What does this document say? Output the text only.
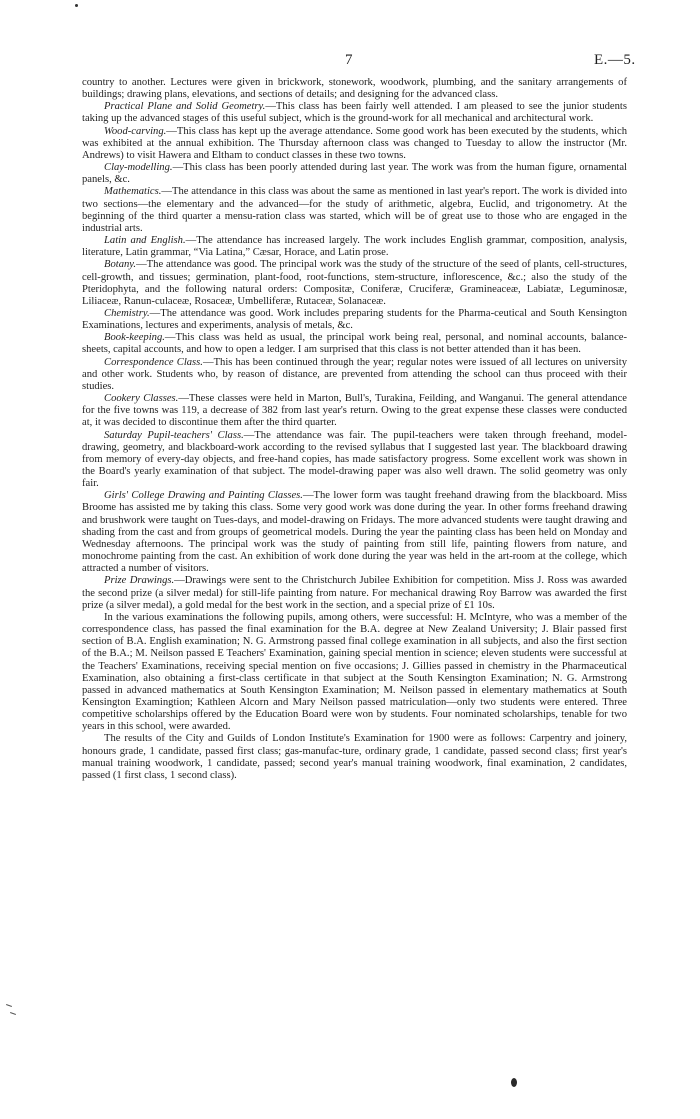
7	E.—5.

country to another. Lectures were given in brickwork, stonework, woodwork, plumbing, and the sanitary arrangements of buildings; drawing plans, elevations, and sections of details; and designing for the advanced class.

Practical Plane and Solid Geometry.—This class has been fairly well attended. I am pleased to see the junior students taking up the advanced stages of this useful subject, which is the ground-work for all mechanical and architectural work.

Wood-carving.—This class has kept up the average attendance. Some good work has been executed by the students, which was exhibited at the annual exhibition. The Thursday afternoon class was changed to Tuesday to allow the instructor (Mr. Andrews) to visit Hawera and Eltham to conduct classes in these two towns.

Clay-modelling.—This class has been poorly attended during last year. The work was from the human figure, ornamental panels, &c.

Mathematics.—The attendance in this class was about the same as mentioned in last year's report. The work is divided into two sections—the elementary and the advanced—for the study of arithmetic, algebra, Euclid, and trigonometry. At the beginning of the third quarter a mensu-ration class was started, which will be of great use to those who are engaged in the industrial arts.

Latin and English.—The attendance has increased largely. The work includes English grammar, composition, analysis, literature, Latin grammar, “Via Latina,” Cæsar, Horace, and Latin prose.

Botany.—The attendance was good. The principal work was the study of the structure of the seed of plants, cell-structures, cell-growth, and tissues; germination, plant-food, root-functions, stem-structure, inflorescence, &c.; also the study of the Pteridophyta, and the following natural orders: Compositæ, Coniferæ, Cruciferæ, Gramineaceæ, Labiatæ, Leguminosæ, Liliaceæ, Ranun-culaceæ, Rosaceæ, Umbelliferæ, Rutaceæ, Solanaceæ.

Chemistry.—The attendance was good. Work includes preparing students for the Pharma-ceutical and South Kensington Examinations, lectures and experiments, analysis of metals, &c.

Book-keeping.—This class was held as usual, the principal work being real, personal, and nominal accounts, balance-sheets, capital accounts, and how to open a ledger. I am surprised that this class is not better attended than it has been.

Correspondence Class.—This has been continued through the year; regular notes were issued of all lectures on university and other work. Students who, by reason of distance, are prevented from attending the school can thus proceed with their studies.

Cookery Classes.—These classes were held in Marton, Bull's, Turakina, Feilding, and Wanganui. The general attendance for the five towns was 119, a decrease of 382 from last year's return. Owing to the great expense these classes were conducted at, it was decided to discontinue them after the third quarter.

Saturday Pupil-teachers' Class.—The attendance was fair. The pupil-teachers were taken through freehand, model-drawing, geometry, and blackboard-work according to the revised syllabus that I suggested last year. The blackboard drawing from memory of every-day objects, and free-hand copies, has made satisfactory progress. Some excellent work was shown in the Board's yearly examination of that subject. The model-drawing paper was also well drawn. The solid geometry was only fair.

Girls' College Drawing and Painting Classes.—The lower form was taught freehand drawing from the blackboard. Miss Broome has assisted me by taking this class. Some very good work was done during the year. In other forms freehand drawing and brushwork were taught on Tues-days, and model-drawing on Fridays. The more advanced students were taught drawing and shading from the cast and from groups of geometrical models. During the year the painting class has been held on Monday and Wednesday afternoons. The principal work was the study of painting from still life, painting flowers from nature, and monochrome painting from the cast. An exhibition of work done during the year was held in the art-room at the college, which attracted a number of visitors.

Prize Drawings.—Drawings were sent to the Christchurch Jubilee Exhibition for competition. Miss J. Ross was awarded the second prize (a silver medal) for still-life painting from nature. For mechanical drawing Roy Barrow was awarded the first prize (a silver medal), a gold medal for the best work in the section, and a special prize of £1 10s.

In the various examinations the following pupils, among others, were successful: H. McIntyre, who was a member of the correspondence class, has passed the final examination for the B.A. degree at New Zealand University; J. Blair passed first section of B.A. English examination; N. G. Armstrong passed final college examination in all subjects, and also the first section of the B.A.; M. Neilson passed E Teachers' Examination, gaining special mention in science; eleven students were successful at the Teachers' Examinations, receiving special mention on five occasions; J. Gillies passed in chemistry in the Pharmaceutical Examination, also obtaining a first-class certificate in that subject at the South Kensington Examination; N. G. Armstrong passed in advanced mathematics at South Kensington Examination; M. Neilson passed in elementary mathematics at South Kensington Examingtion; Kathleen Alcorn and Mary Neilson passed matriculation—only two students were entered. Three competitive scholarships offered by the Education Board were won by students. Four nominated scholarships, tenable for two years in this school, were awarded.

The results of the City and Guilds of London Institute's Examination for 1900 were as follows: Carpentry and joinery, honours grade, 1 candidate, passed first class; gas-manufac-ture, ordinary grade, 1 candidate, passed second class; first year's manual training woodwork, 1 candidate, passed; second year's manual training woodwork, final examination, 2 candidates, passed (1 first class, 1 second class).
